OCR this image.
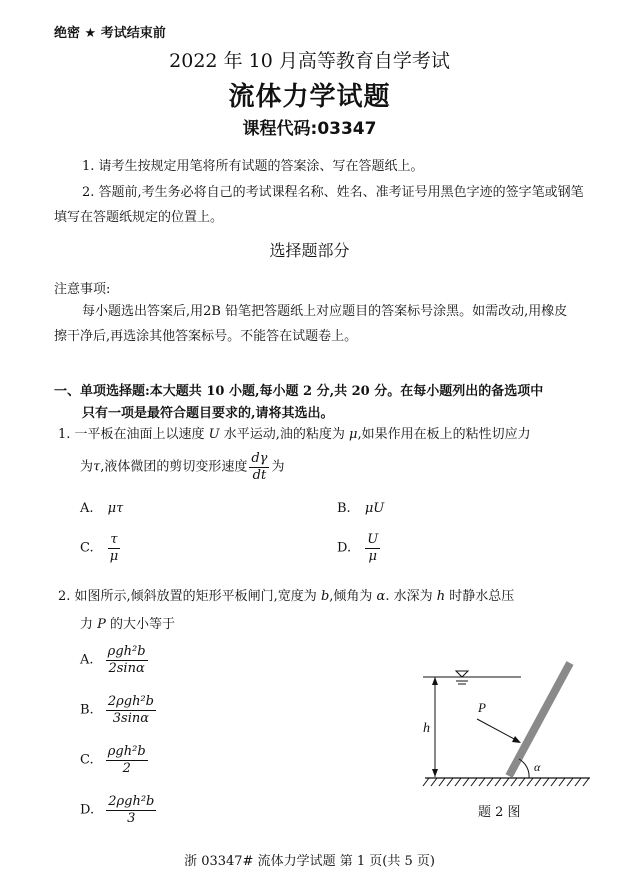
绝密 ★ 考试结束前
2022 年 10 月高等教育自学考试
流体力学试题
课程代码:03347
1. 请考生按规定用笔将所有试题的答案涂、写在答题纸上。
2. 答题前,考生务必将自己的考试课程名称、姓名、准考证号用黑色字迹的签字笔或钢笔
填写在答题纸规定的位置上。
选择题部分
注意事项:
每小题选出答案后,用2B 铅笔把答题纸上对应题目的答案标号涂黑。如需改动,用橡皮
擦干净后,再选涂其他答案标号。不能答在试题卷上。
一、单项选择题:本大题共 10 小题,每小题 2 分,共 20 分。在每小题列出的备选项中
只有一项是最符合题目要求的,请将其选出。
1. 一平板在油面上以速度 U 水平运动,油的粘度为 μ,如果作用在板上的粘性切应力
为τ,液体微团的剪切变形速度 $\frac{d\gamma}{dt}$ 为
A. μτ	B. μU
C. $\frac{\tau}{\mu}$	D. $\frac{U}{\mu}$
2. 如图所示,倾斜放置的矩形平板闸门,宽度为 b,倾角为 α. 水深为 h 时静水总压
力 P 的大小等于
A. $\frac{\text{ρgh²b}}{2\sin\alpha}$
B. $\frac{\text{2ρgh²b}}{3\sin\alpha}$
C. $\frac{\text{ρgh²b}}{2}$
D. $\frac{\text{2ρgh²b}}{3}$
h
P
α
题 2 图
浙 03347# 流体力学试题 第 1 页(共 5 页)
